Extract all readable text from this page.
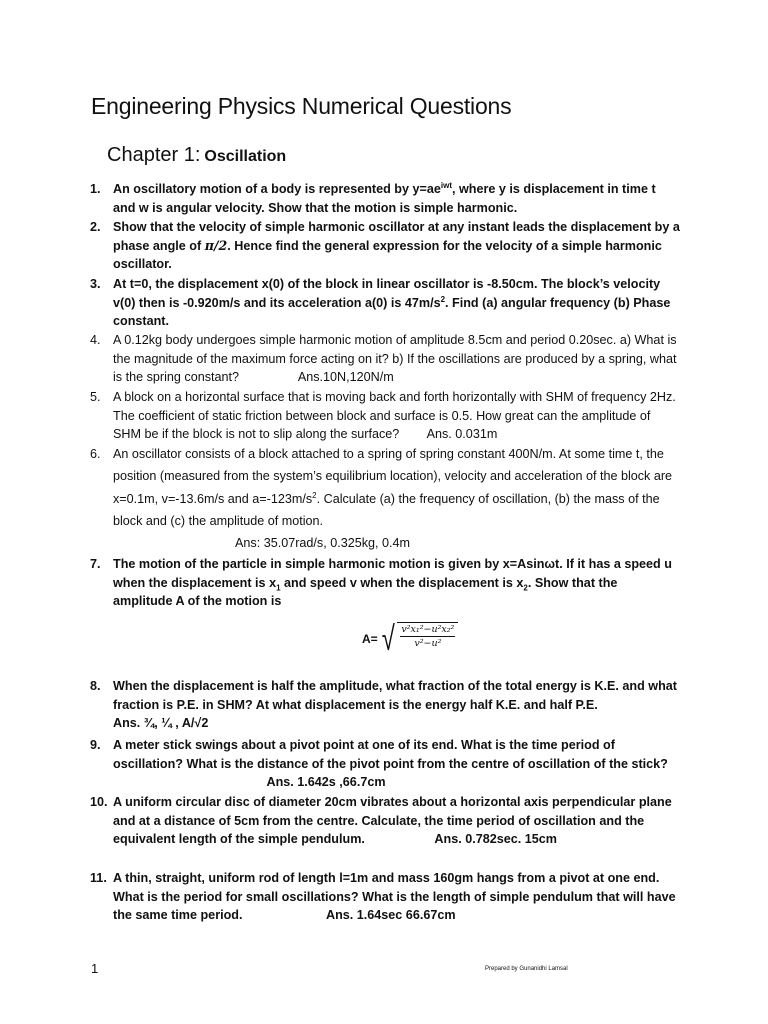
Engineering Physics Numerical Questions
Chapter 1: Oscillation
1. An oscillatory motion of a body is represented by $y=ae^{iwt}$, where y is displacement in time t and w is angular velocity. Show that the motion is simple harmonic.
2. Show that the velocity of simple harmonic oscillator at any instant leads the displacement by a phase angle of π/2. Hence find the general expression for the velocity of a simple harmonic oscillator.
3. At t=0, the displacement x(0) of the block in linear oscillator is -8.50cm. The block’s velocity v(0) then is -0.920m/s and its acceleration a(0) is $47m/s^2$. Find (a) angular frequency (b) Phase constant.
4. A 0.12kg body undergoes simple harmonic motion of amplitude 8.5cm and period 0.20sec. a) What is the magnitude of the maximum force acting on it? b) If the oscillations are produced by a spring, what is the spring constant?	Ans.10N,120N/m
5. A block on a horizontal surface that is moving back and forth horizontally with SHM of frequency 2Hz. The coefficient of static friction between block and surface is 0.5. How great can the amplitude of SHM be if the block is not to slip along the surface? Ans. 0.031m
6. An oscillator consists of a block attached to a spring of spring constant 400N/m. At some time t, the position (measured from the system’s equilibrium location), velocity and acceleration of the block are x=0.1m, v=-13.6m/s and $a=-123m/s^2$. Calculate (a) the frequency of oscillation, (b) the mass of the block and (c) the amplitude of motion.
Ans: 35.07rad/s, 0.325kg, 0.4m
7. The motion of the particle in simple harmonic motion is given by x=Asinωt. If it has a speed u when the displacement is $x_1$ and speed v when the displacement is $x_2$. Show that the amplitude A of the motion is
A= √ $\frac{\text{v²x₁²−u²x₂²}}{\text{v²−u²}}$
8. When the displacement is half the amplitude, what fraction of the total energy is K.E. and what fraction is P.E. in SHM? At what displacement is the energy half K.E. and half P.E.
Ans. ¾, ¼ , A/√2
9. A meter stick swings about a pivot point at one of its end. What is the time period of oscillation? What is the distance of the pivot point from the centre of oscillation of the stick?                                            Ans. 1.642s ,66.7cm
10. A uniform circular disc of diameter 20cm vibrates about a horizontal axis perpendicular plane and at a distance of 5cm from the centre. Calculate, the time period of oscillation and the equivalent length of the simple pendulum.	Ans. 0.782sec. 15cm
11. A thin, straight, uniform rod of length l=1m and mass 160gm hangs from a pivot at one end. What is the period for small oscillations? What is the length of simple pendulum that will have the same time period.	Ans. 1.64sec 66.67cm
1	Prepared by Gunanidhi Lamsal
